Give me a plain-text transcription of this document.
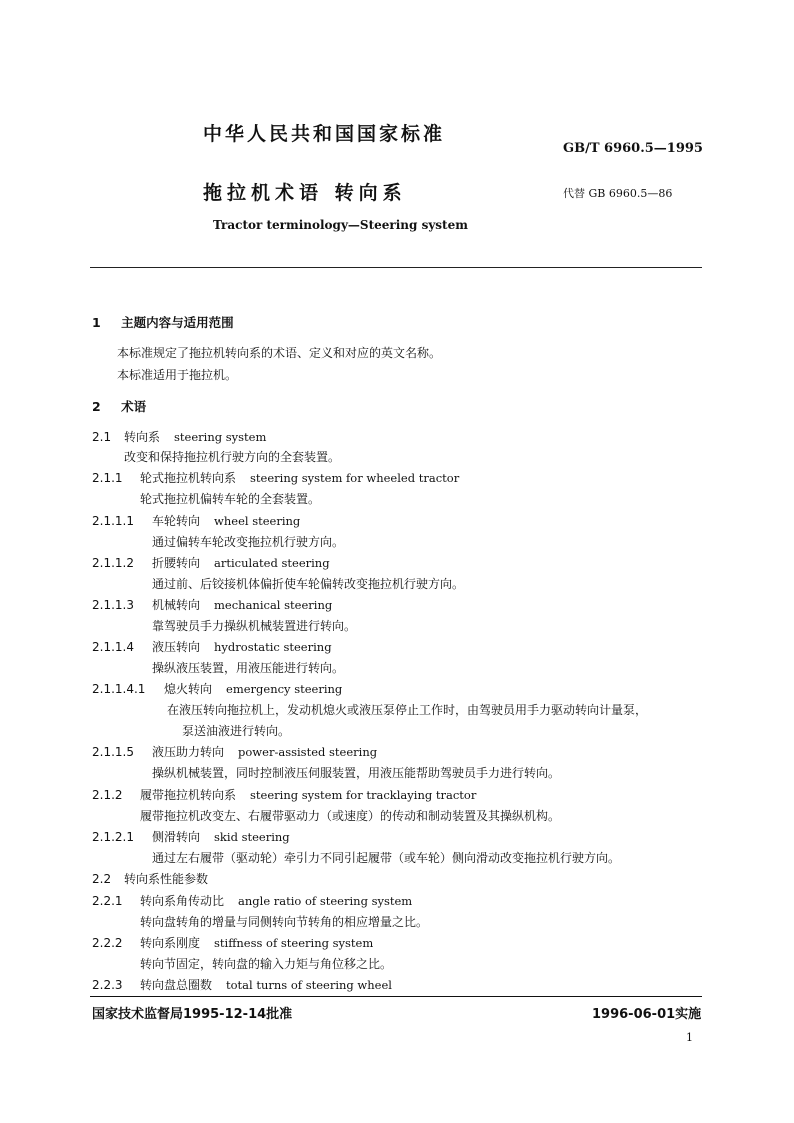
中华人民共和国国家标准
GB/T 6960.5—1995
拖拉机术语 转向系	代替 GB 6960.5—86
Tractor terminology—Steering system
1 主题内容与适用范围
本标准规定了拖拉机转向系的术语、定义和对应的英文名称。
本标准适用于拖拉机。
2 术语
2.1 转向系 steering system
改变和保持拖拉机行驶方向的全套装置。
2.1.1 轮式拖拉机转向系 steering system for wheeled tractor
轮式拖拉机偏转车轮的全套装置。
2.1.1.1 车轮转向 wheel steering
通过偏转车轮改变拖拉机行驶方向。
2.1.1.2 折腰转向 articulated steering
通过前、后铰接机体偏折使车轮偏转改变拖拉机行驶方向。
2.1.1.3 机械转向 mechanical steering
靠驾驶员手力操纵机械装置进行转向。
2.1.1.4 液压转向 hydrostatic steering
操纵液压装置，用液压能进行转向。
2.1.1.4.1 熄火转向 emergency steering
在液压转向拖拉机上，发动机熄火或液压泵停止工作时，由驾驶员用手力驱动转向计量泵，
泵送油液进行转向。
2.1.1.5 液压助力转向 power-assisted steering
操纵机械装置，同时控制液压伺服装置，用液压能帮助驾驶员手力进行转向。
2.1.2 履带拖拉机转向系 steering system for tracklaying tractor
履带拖拉机改变左、右履带驱动力（或速度）的传动和制动装置及其操纵机构。
2.1.2.1 侧滑转向 skid steering
通过左右履带（驱动轮）牵引力不同引起履带（或车轮）侧向滑动改变拖拉机行驶方向。
2.2 转向系性能参数
2.2.1 转向系角传动比 angle ratio of steering system
转向盘转角的增量与同侧转向节转角的相应增量之比。
2.2.2 转向系刚度 stiffness of steering system
转向节固定，转向盘的输入力矩与角位移之比。
2.2.3 转向盘总圈数 total turns of steering wheel
国家技术监督局1995-12-14批准	1996-06-01实施
1
